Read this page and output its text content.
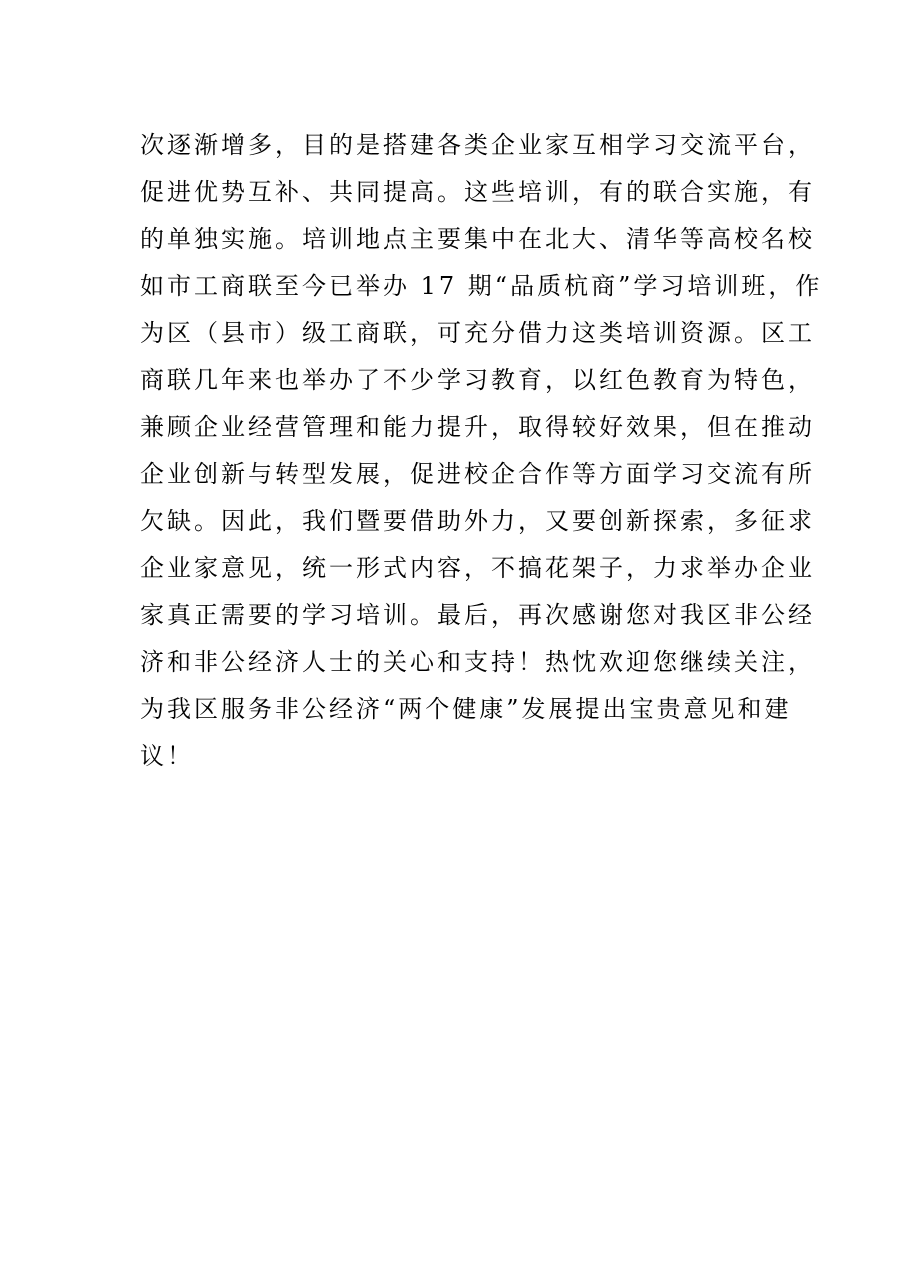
次逐渐增多，目的是搭建各类企业家互相学习交流平台，
促进优势互补、共同提高。这些培训，有的联合实施，有
的单独实施。培训地点主要集中在北大、清华等高校名校
如市工商联至今已举办 17 期“品质杭商”学习培训班，作
为区（县市）级工商联，可充分借力这类培训资源。区工
商联几年来也举办了不少学习教育，以红色教育为特色，
兼顾企业经营管理和能力提升，取得较好效果，但在推动
企业创新与转型发展，促进校企合作等方面学习交流有所
欠缺。因此，我们暨要借助外力，又要创新探索，多征求
企业家意见，统一形式内容，不搞花架子，力求举办企业
家真正需要的学习培训。最后，再次感谢您对我区非公经
济和非公经济人士的关心和支持！热忱欢迎您继续关注，
为我区服务非公经济“两个健康”发展提出宝贵意见和建
议！
